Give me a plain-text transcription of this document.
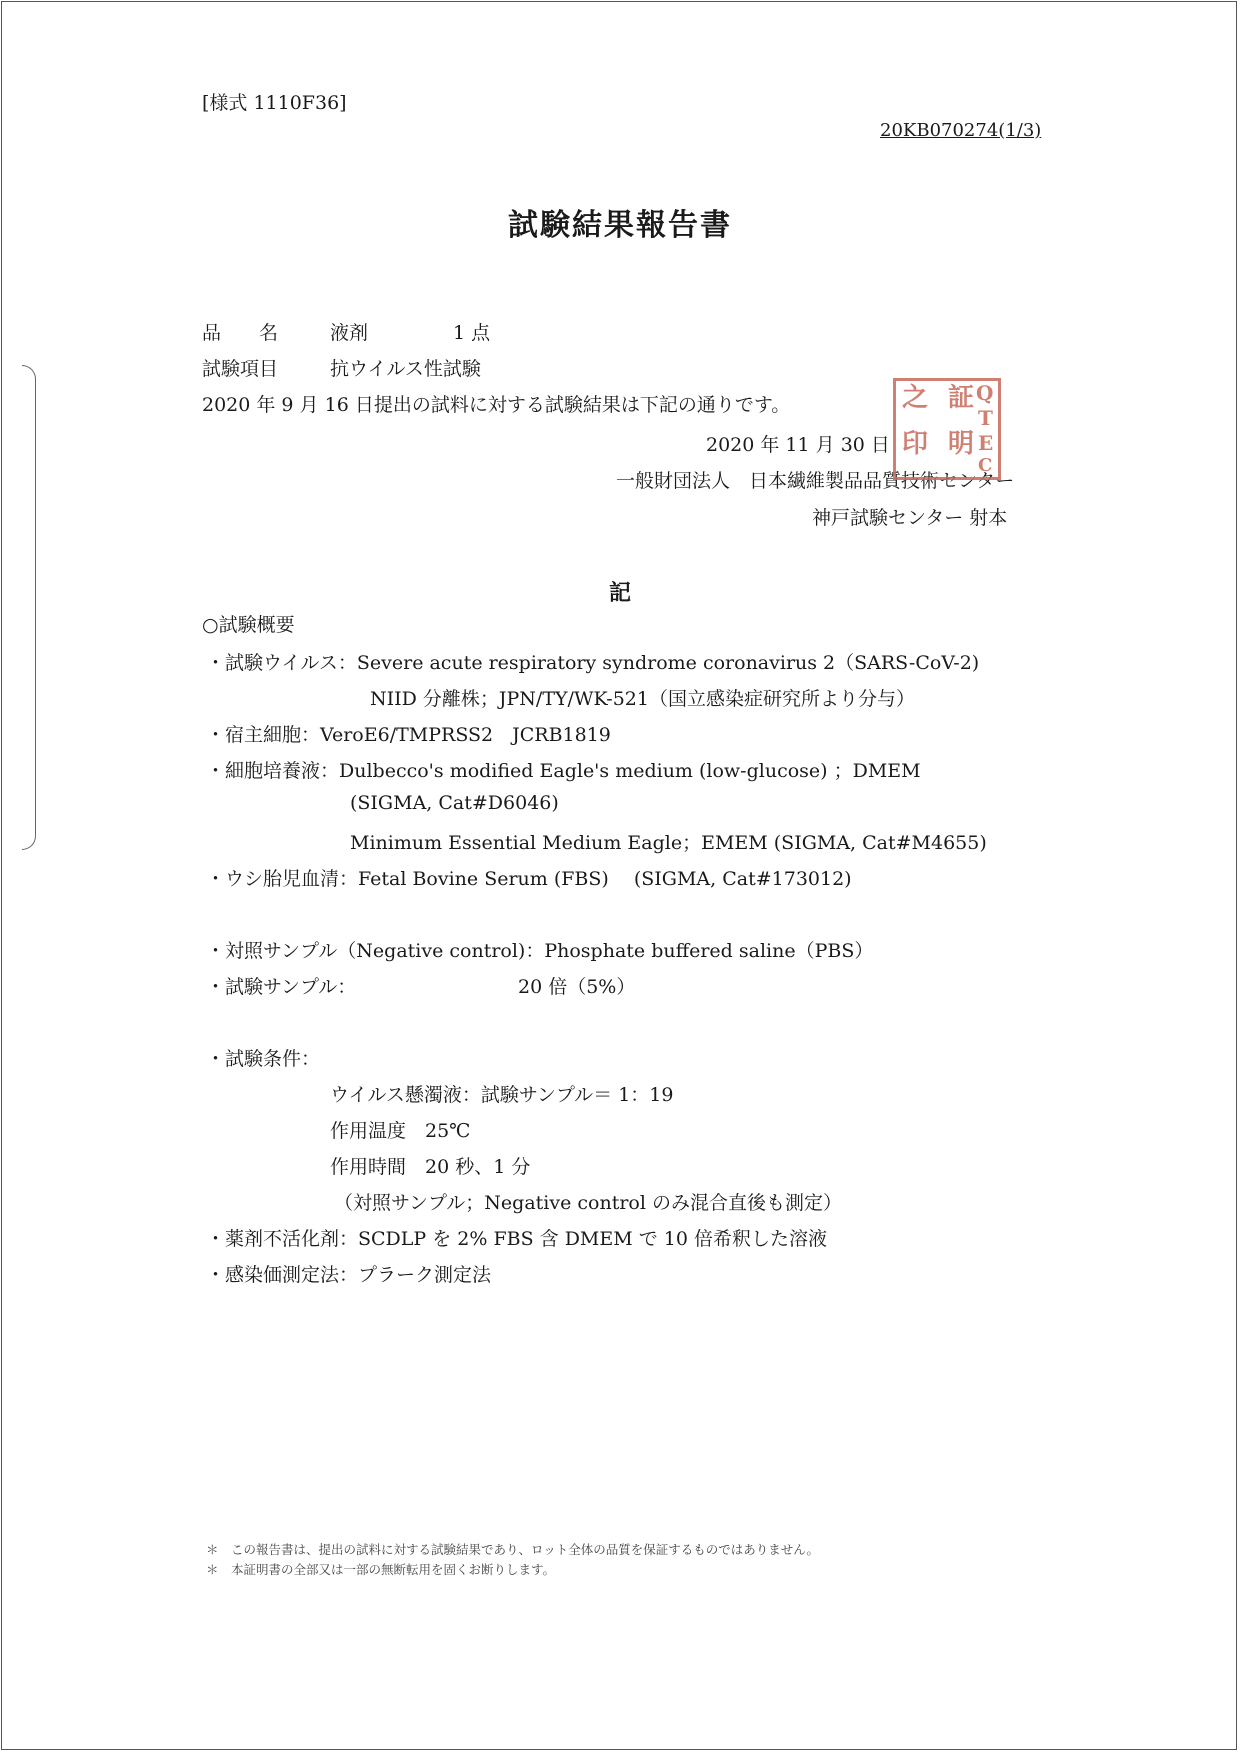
[様式 1110F36]
20KB070274(1/3)
試験結果報告書
品　　名	液剤	1 点
試験項目	抗ウイルス性試験
2020 年 9 月 16 日提出の試料に対する試験結果は下記の通りです。
2020 年 11 月 30 日
一般財団法人　日本繊維製品品質技術センター
神戸試験センター 射本
証
明
之
印
Q
T
E
C
記
○試験概要
・試験ウイルス：Severe acute respiratory syndrome coronavirus 2（SARS-CoV-2)
NIID 分離株；JPN/TY/WK-521（国立感染症研究所より分与）
・宿主細胞：VeroE6/TMPRSS2　JCRB1819
・細胞培養液：Dulbecco's modified Eagle's medium (low-glucose) ；DMEM
(SIGMA, Cat#D6046)
Minimum Essential Medium Eagle；EMEM (SIGMA, Cat#M4655)
・ウシ胎児血清：Fetal Bovine Serum (FBS)　 (SIGMA, Cat#173012)
・対照サンプル（Negative control)：Phosphate buffered saline（PBS）
・試験サンプル：	20 倍（5%）
・試験条件：
ウイルス懸濁液：試験サンプル＝ 1：19
作用温度　25℃
作用時間　20 秒、1 分
（対照サンプル；Negative control のみ混合直後も測定）
・薬剤不活化剤：SCDLP を 2% FBS 含 DMEM で 10 倍希釈した溶液
・感染価測定法：プラーク測定法
＊　この報告書は、提出の試料に対する試験結果であり、ロット全体の品質を保証するものではありません。
＊　本証明書の全部又は一部の無断転用を固くお断りします。
